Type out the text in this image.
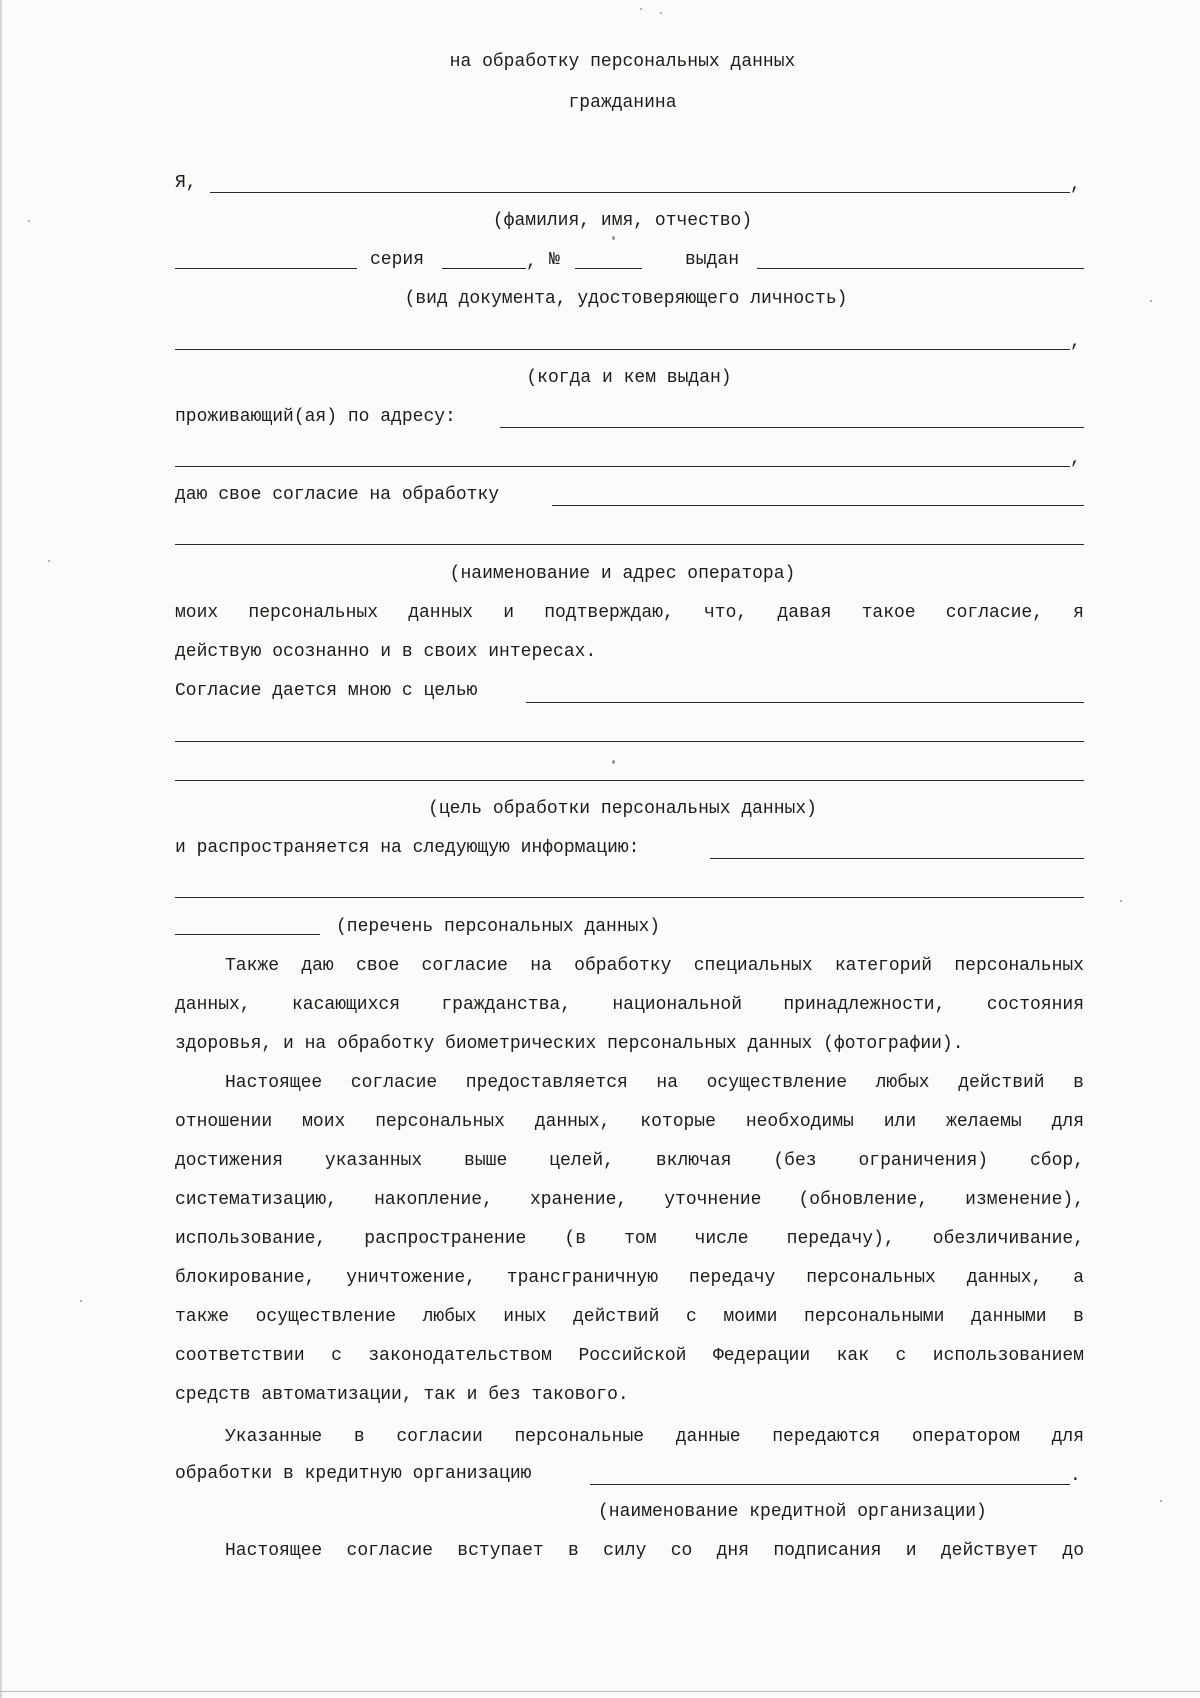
на обработку персональных данных
гражданина
Я,	,
(фамилия, имя, отчество)
серия	, №	выдан
(вид документа, удостоверяющего личность)
,
(когда и кем выдан)
проживающий(ая) по адресу:
,
даю свое согласие на обработку
(наименование и адрес оператора)
моих персональных данных и подтверждаю, что, давая такое согласие, я
действую осознанно и в своих интересах.
Согласие дается мною с целью
(цель обработки персональных данных)
и распространяется на следующую информацию:
(перечень персональных данных)
Также даю свое согласие на обработку специальных категорий персональных
данных, касающихся гражданства, национальной принадлежности, состояния
здоровья, и на обработку биометрических персональных данных (фотографии).
Настоящее согласие предоставляется на осуществление любых действий в
отношении моих персональных данных, которые необходимы или желаемы для
достижения указанных выше целей, включая (без ограничения) сбор,
систематизацию, накопление, хранение, уточнение (обновление, изменение),
использование, распространение (в том числе передачу), обезличивание,
блокирование, уничтожение, трансграничную передачу персональных данных, а
также осуществление любых иных действий с моими персональными данными в
соответствии с законодательством Российской Федерации как с использованием
средств автоматизации, так и без такового.
Указанные в согласии персональные данные передаются оператором для
обработки в кредитную организацию	.
(наименование кредитной организации)
Настоящее согласие вступает в силу со дня подписания и действует до
